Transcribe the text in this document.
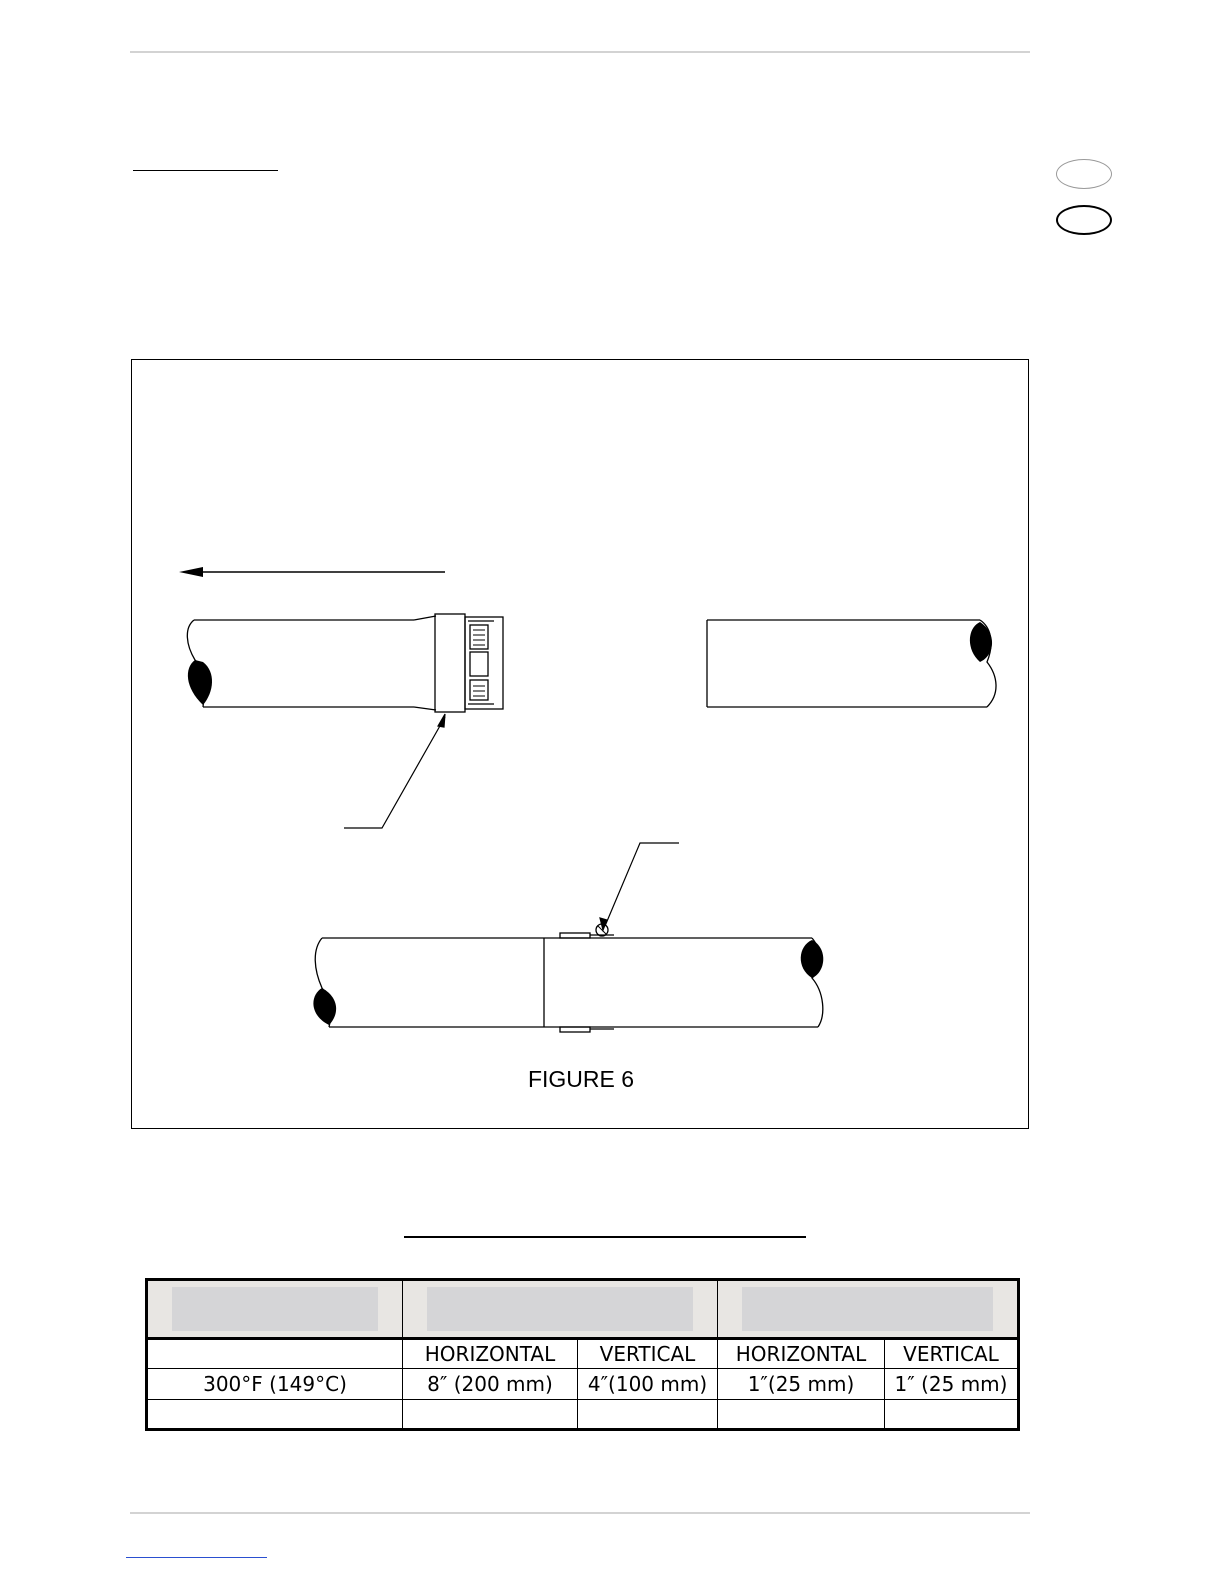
FIGURE 6

	HORIZONTAL	VERTICAL	HORIZONTAL	VERTICAL
300°F (149°C)	8″ (200 mm)	4″(100 mm)	1″(25 mm)	1″ (25 mm)
